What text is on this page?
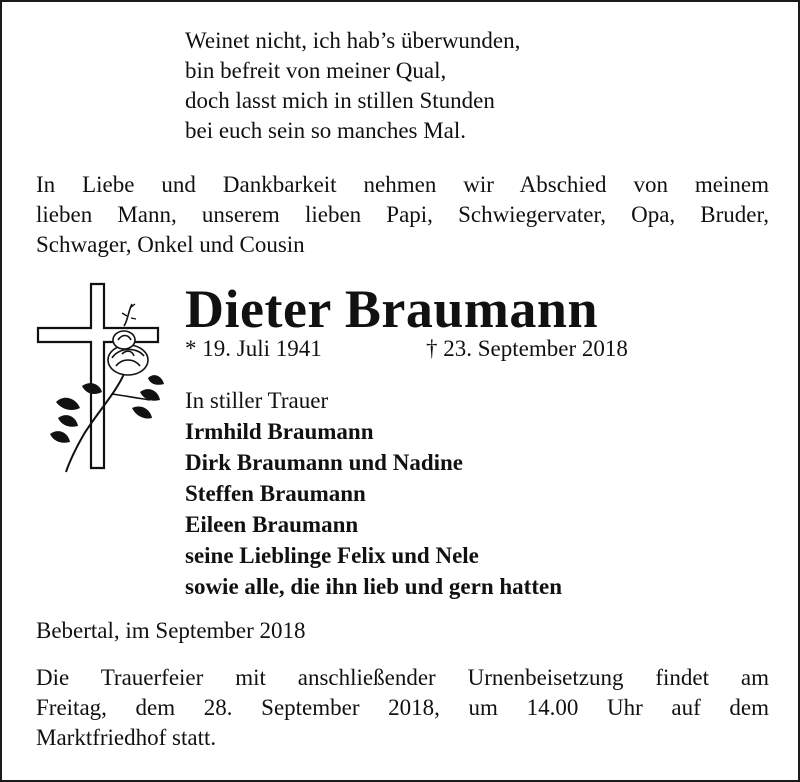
Weinet nicht, ich hab’s überwunden,
bin befreit von meiner Qual,
doch lasst mich in stillen Stunden
bei euch sein so manches Mal.
In Liebe und Dankbarkeit nehmen wir Abschied von meinem
lieben Mann, unserem lieben Papi, Schwiegervater, Opa, Bruder,
Schwager, Onkel und Cousin
Dieter Braumann
* 19. Juli 1941	† 23. September 2018
In stiller Trauer
Irmhild Braumann
Dirk Braumann und Nadine
Steffen Braumann
Eileen Braumann
seine Lieblinge Felix und Nele
sowie alle, die ihn lieb und gern hatten
Bebertal, im September 2018
Die Trauerfeier mit anschließender Urnenbeisetzung findet am
Freitag, dem 28. September 2018, um 14.00 Uhr auf dem
Marktfriedhof statt.
